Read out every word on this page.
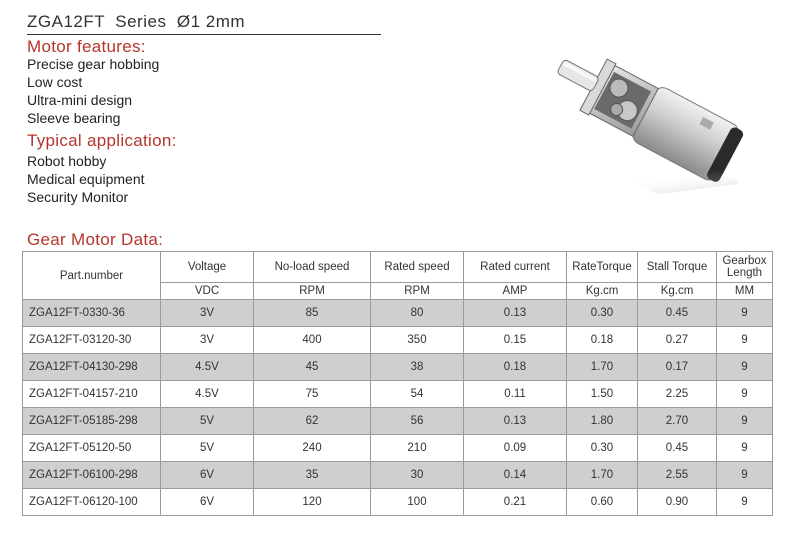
ZGA12FT  Series  Ø1 2mm
Motor features:
Precise gear hobbing
Low cost
Ultra-mini design
Sleeve bearing
Typical application:
Robot hobby
Medical equipment
Security Monitor
Gear Motor Data:
Part.number	Voltage	No-load speed	Rated speed	Rated current	RateTorque	Stall Torque	Gearbox
Length
	VDC	RPM	RPM	AMP	Kg.cm	Kg.cm	MM
ZGA12FT-0330-36	3V	85	80	0.13	0.30	0.45	9
ZGA12FT-03120-30	3V	400	350	0.15	0.18	0.27	9
ZGA12FT-04130-298	4.5V	45	38	0.18	1.70	0.17	9
ZGA12FT-04157-210	4.5V	75	54	0.11	1.50	2.25	9
ZGA12FT-05185-298	5V	62	56	0.13	1.80	2.70	9
ZGA12FT-05120-50	5V	240	210	0.09	0.30	0.45	9
ZGA12FT-06100-298	6V	35	30	0.14	1.70	2.55	9
ZGA12FT-06120-100	6V	120	100	0.21	0.60	0.90	9
